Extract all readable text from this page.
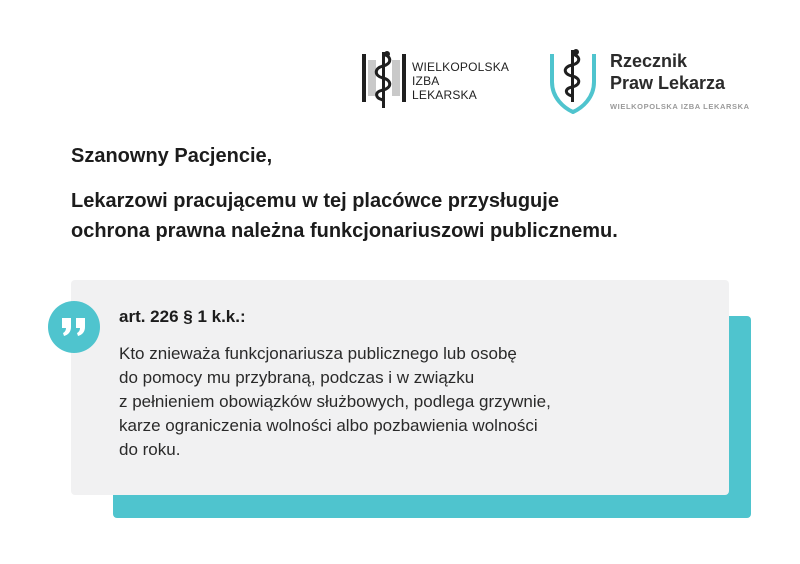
WIELKOPOLSKA
IZBA
LEKARSKA
Rzecznik
Praw Lekarza
WIELKOPOLSKA IZBA LEKARSKA
Szanowny Pacjencie,
Lekarzowi pracującemu w tej placówce przysługuje
ochrona prawna należna funkcjonariuszowi publicznemu.
art. 226 § 1 k.k.:
Kto znieważa funkcjonariusza publicznego lub osobę
do pomocy mu przybraną, podczas i w związku
z pełnieniem obowiązków służbowych, podlega grzywnie,
karze ograniczenia wolności albo pozbawienia wolności
do roku.
